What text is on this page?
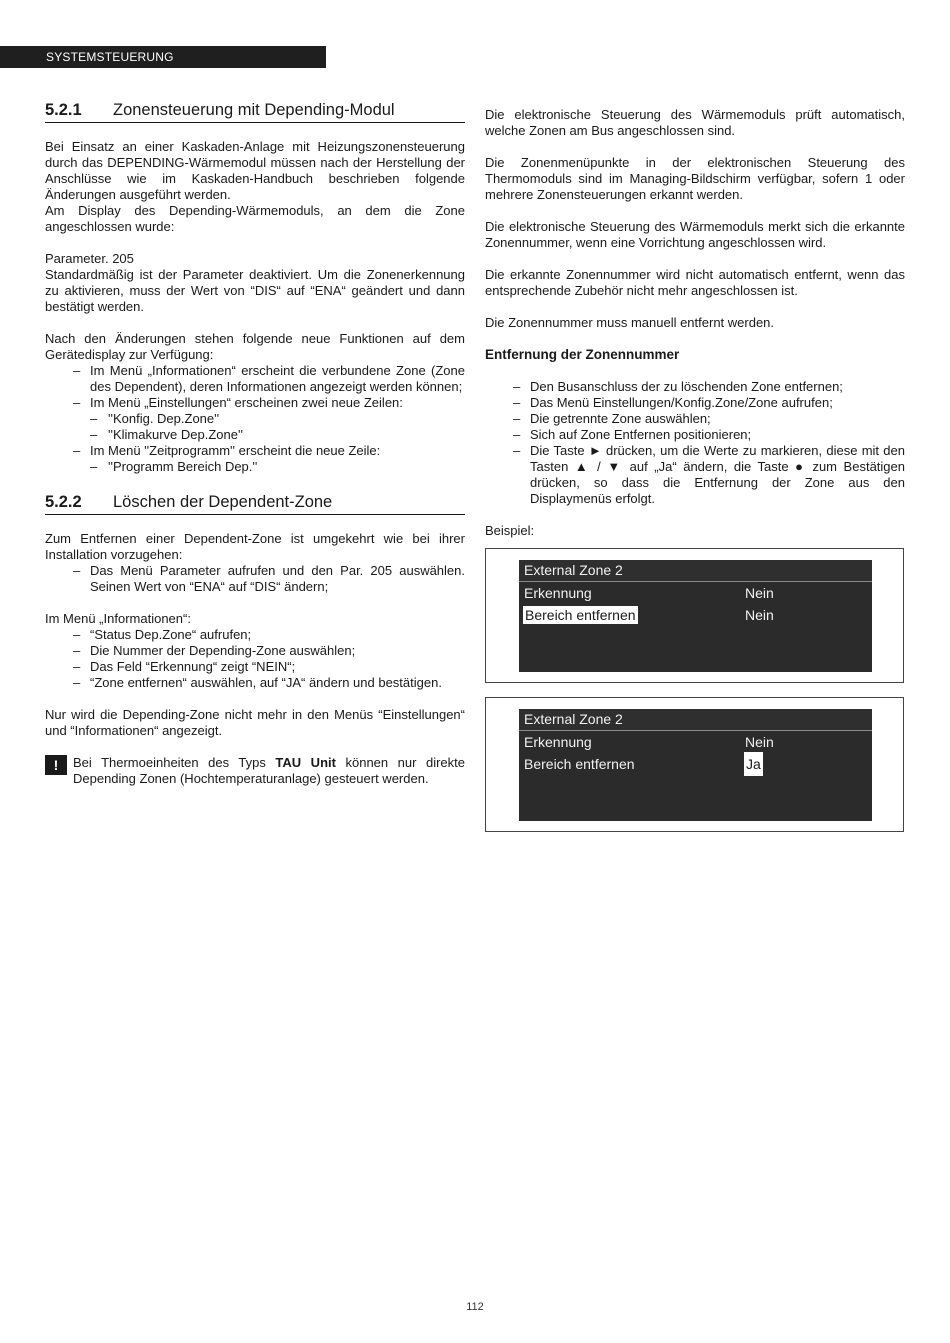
SYSTEMSTEUERUNG
5.2.1	Zonensteuerung mit Depending-Modul

Bei Einsatz an einer Kaskaden-Anlage mit Heizungszonensteuerung durch das DEPENDING-Wärmemodul müssen nach der Herstellung der Anschlüsse wie im Kaskaden-Handbuch beschrieben folgende Änderungen ausgeführt werden.

Am Display des Depending-Wärmemoduls, an dem die Zone angeschlossen wurde:

Parameter. 205

Standardmäßig ist der Parameter deaktiviert. Um die Zonenerkennung zu aktivieren, muss der Wert von “DIS“ auf “ENA“ geändert und dann bestätigt werden.

Nach den Änderungen stehen folgende neue Funktionen auf dem Gerätedisplay zur Verfügung:

– Im Menü „Informationen“ erscheint die verbundene Zone (Zone des Dependent), deren Informationen angezeigt werden können;
– Im Menü „Einstellungen“ erscheinen zwei neue Zeilen:
– ''Konfig. Dep.Zone''
– ''Klimakurve Dep.Zone''
– Im Menü ''Zeitprogramm'' erscheint die neue Zeile:
– ''Programm Bereich Dep.''
5.2.2	Löschen der Dependent-Zone

Zum Entfernen einer Dependent-Zone ist umgekehrt wie bei ihrer Installation vorzugehen:

– Das Menü Parameter aufrufen und den Par. 205 auswählen. Seinen Wert von “ENA“ auf “DIS“ ändern;

Im Menü „Informationen“:

– “Status Dep.Zone“ aufrufen;
– Die Nummer der Depending-Zone auswählen;
– Das Feld “Erkennung“ zeigt “NEIN“;
– “Zone entfernen“ auswählen, auf “JA“ ändern und bestätigen.

Nur wird die Depending-Zone nicht mehr in den Menüs “Einstellungen“ und “Informationen“ angezeigt.

!	Bei Thermoeinheiten des Typs TAU Unit können nur direkte Depending Zonen (Hochtemperaturanlage) gesteuert werden.

Die elektronische Steuerung des Wärmemoduls prüft automatisch, welche Zonen am Bus angeschlossen sind.

Die Zonenmenüpunkte in der elektronischen Steuerung des Thermomoduls sind im Managing-Bildschirm verfügbar, sofern 1 oder mehrere Zonensteuerungen erkannt werden.

Die elektronische Steuerung des Wärmemoduls merkt sich die erkannte Zonennummer, wenn eine Vorrichtung angeschlossen wird.

Die erkannte Zonennummer wird nicht automatisch entfernt, wenn das entsprechende Zubehör nicht mehr angeschlossen ist.

Die Zonennummer muss manuell entfernt werden.

Entfernung der Zonennummer

– Den Busanschluss der zu löschenden Zone entfernen;
– Das Menü Einstellungen/Konfig.Zone/Zone aufrufen;
– Die getrennte Zone auswählen;
– Sich auf Zone Entfernen positionieren;
– Die Taste ► drücken, um die Werte zu markieren, diese mit den Tasten ▲ / ▼ auf „Ja“ ändern, die Taste ● zum Bestätigen drücken, so dass die Entfernung der Zone aus den Displaymenüs erfolgt.

Beispiel:

External Zone 2
Erkennung	Nein
Bereich entfernen	Nein
External Zone 2
Erkennung	Nein
Bereich entfernen	Ja
112
